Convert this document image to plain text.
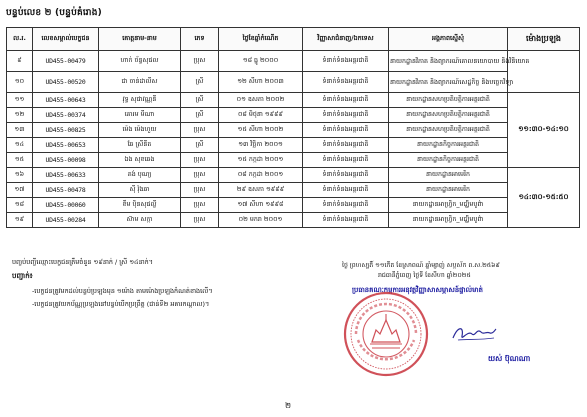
បន្ទប់លេខ ២ (បន្ទប់គំរោង)
ល.រ.	លេខសម្គាល់បេក្ខជន	គោត្តនាម-នាម	ភេទ	ថ្ងៃខែឆ្នាំកំណើត	វិញ្ញាសាជំនាញ/ឯកទេស	អង្គភាពស្នើសុំ	ម៉ោងប្រឡង
៩	UD455-00479	ហាក់ ច័ន្ទសុផល	ប្រុស	១៨ ធ្នូ ២០០០	ទំនាក់ទំនងអន្តរជាតិ	នាយកដ្ឋានវិភាគ និងព្យាករណ៍គោលនយោបាយ និងវិនិយោគ	
១០	UD455-00520	ជា ចាន់ដាលីស	ស្រី	១២ សីហា ២០០៣	ទំនាក់ទំនងអន្តរជាតិ	នាយកដ្ឋានវិភាគ និងព្យាករណ៍សេដ្ឋកិច្ច និងបច្ចេកវិទ្យា	
១១	UD455-00643	វុទ្ធ សុផាវណ្ណនី	ស្រី	០១ ឧសភា ២០០២	ទំនាក់ទំនងអន្តរជាតិ	នាយកដ្ឋានសហប្រតិបត្តិការអន្តរជាតិ	១១:៣០-១៤:១០
១២	UD455-00374	គោរម មីណា	ស្រី	០៨ មិថុនា ១៩៩៩	ទំនាក់ទំនងអន្តរជាតិ	នាយកដ្ឋានសហប្រតិបត្តិការអន្តរជាតិ	
១៣	UD455-00825	ម៉េង ម៉េងហួយ	ប្រុស	១៥ សីហា ២០០២	ទំនាក់ទំនងអន្តរជាតិ	នាយកដ្ឋានសហប្រតិបត្តិការអន្តរជាតិ	
១៤	UD455-00653	ឆែ ស្រីនីត	ស្រី	១៣ វិច្ឆិកា ២០០១	ទំនាក់ទំនងអន្តរជាតិ	នាយកដ្ឋានកិច្ចការអន្តរជាតិ	
១៥	UD455-00098	ឯង សុខឆេង	ប្រុស	១៥ កក្កដា ២០០១	ទំនាក់ទំនងអន្តរជាតិ	នាយកដ្ឋានកិច្ចការអន្តរជាតិ	
១៦	UD455-00633	គង់ បុណ្យ	ប្រុស	០៨ កក្កដា ២០០១	ទំនាក់ទំនងអន្តរជាតិ	នាយកដ្ឋានអាមេរិក	១៤:៣០-១៥:៥០
១៧	UD455-00478	ស៊ី វ៉ុងឆា	ប្រុស	២៩ ឧសភា ១៩៩៩	ទំនាក់ទំនងអន្តរជាតិ	នាយកដ្ឋានអាមេរិក	
១៨	UD455-00060	ខឹម បុិនសុផល្លី	ប្រុស	១៧ សីហា ១៩៩៨	ទំនាក់ទំនងអន្តរជាតិ	នាយកដ្ឋានអាហ្វ្រិក_មជ្ឈិមបូព៌ា	
១៩	UD455-00284	ស៊ាម សក្កា	ប្រុស	០២ មករា ២០០១	ទំនាក់ទំនងអន្តរជាតិ	នាយកដ្ឋានអាហ្វ្រិក_មជ្ឈិមបូព៌ា	
បញ្ចប់បញ្ជីឈ្មោះបេក្ខជនត្រឹមចំនួន ១៩នាក់ / ស្រី ១៤នាក់។
បញ្ជាក់៖
-បេក្ខជនត្រូវមកដល់បន្ទប់ប្រឡងមុន ១ម៉ោង តាមម៉ោងប្រឡងកំណត់ខាងលើ។
-បេក្ខជនត្រូវយកប័ណ្ណប្រឡងនៅបន្ទប់បើកប្រព្រឹត្ត (ជាន់ទី២ អគារកណ្តាល)។
ថ្ងៃ ព្រហស្បតិ៍ ១១កើត ខែស្រាពណ៍ ឆ្នាំម្សាញ់ សប្តស័ក ព.ស.២៥៦៩
រាជធានីភ្នំពេញ ថ្ងៃទី ខែសីហា ឆ្នាំ២០២៥
ប្រធានគណៈកម្មការអនុវត្តវិញ្ញាសាសម្ភាសន៍ផ្ទាល់មាត់
យស់ ប៊ុណណា
២
